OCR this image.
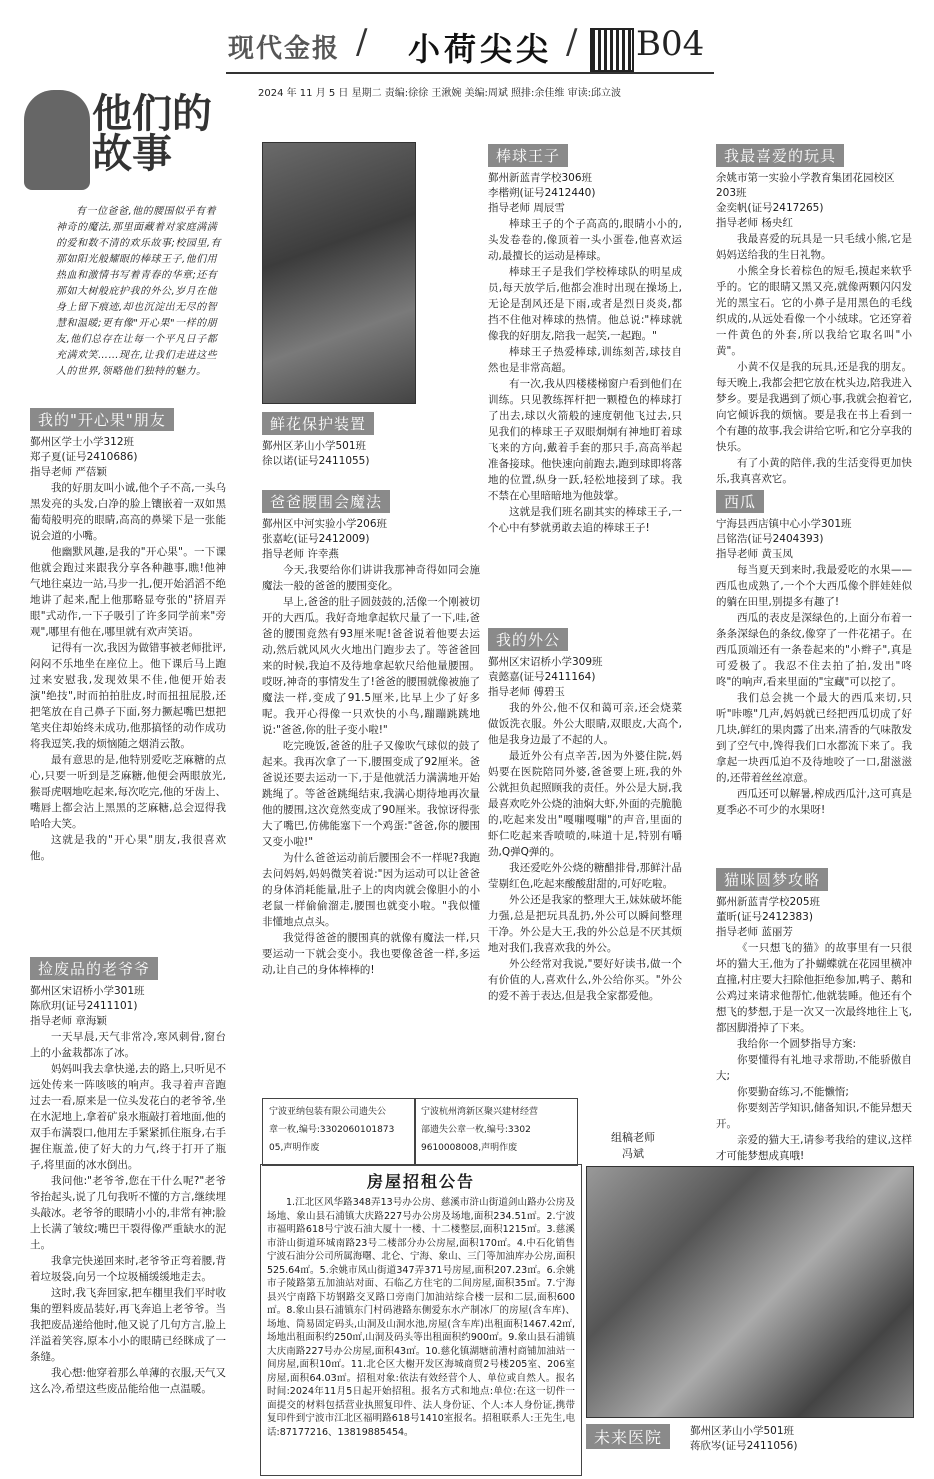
现代金报 / 小荷尖尖 / B04
2024 年 11 月 5 日 星期二 责编:徐徐 王湫婉 美编:周斌 照排:余佳维 审读:邱立波
他们的故事
有一位爸爸,他的腰围似乎有着神奇的魔法,那里面藏着对家庭满满的爱和数不清的欢乐故事;校园里,有那如阳光般耀眼的棒球王子,他们用热血和激情书写着青春的华章;还有那如大树般庇护我的外公,岁月在他身上留下痕迹,却也沉淀出无尽的智慧和温暖;更有像"开心果"一样的朋友,他们总存在让每一个平凡日子都充满欢笑……现在,让我们走进这些人的世界,领略他们独特的魅力。
我的"开心果"朋友
鄞州区学士小学312班
郑子夏(证号2410686)
指导老师 严蓓颖

我的好朋友叫小诚,他个子不高,一头乌黑发亮的头发,白净的脸上镶嵌着一双如黑葡萄般明亮的眼睛,高高的鼻梁下是一张能说会道的小嘴。

他幽默风趣,是我的"开心果"。一下课他就会跑过来跟我分享各种趣事,瞧!他神气地往桌边一站,马步一扎,便开始滔滔不绝地讲了起来,配上他那略显夸张的"挤眉弄眼"式动作,一下子吸引了许多同学前来"旁观",哪里有他在,哪里就有欢声笑语。

记得有一次,我因为做错事被老师批评,闷闷不乐地坐在座位上。他下课后马上跑过来安慰我,发现效果不佳,他便开始表演"绝技",时而拍拍肚皮,时而扭扭屁股,还把笔放在自己鼻子下面,努力撅起嘴巴想把笔夹住却始终未成功,他那搞怪的动作成功将我逗笑,我的烦恼随之烟消云散。

最有意思的是,他特别爱吃芝麻糖的点心,只要一听到是芝麻糖,他便会两眼放光,猴哥虎咽地吃起来,每次吃完,他的牙齿上、嘴唇上都会沾上黑黑的芝麻糖,总会逗得我哈哈大笑。

这就是我的"开心果"朋友,我很喜欢他。

捡废品的老爷爷
鄞州区宋诏桥小学301班
陈欣玥(证号2411101)
指导老师 章海颖

一天早晨,天气非常冷,寒风刺骨,窗台上的小盆栽都冻了冰。

妈妈叫我去拿快递,去的路上,只听见不远处传来一阵咳咳的响声。我寻着声音跑过去一看,原来是一位头发花白的老爷爷,坐在水泥地上,拿着矿泉水瓶敲打着地面,他的双手布满裂口,他用左手紧紧抓住瓶身,右手握住瓶盖,使了好大的力气,终于打开了瓶子,将里面的冰水倒出。

我问他:"老爷爷,您在干什么呢?"老爷爷抬起头,说了几句我听不懂的方言,继续埋头敲冰。老爷爷的眼睛小小的,非常有神;脸上长满了皱纹;嘴巴干裂得像严重缺水的泥土。

我拿完快递回来时,老爷爷正弯着腰,背着垃圾袋,向另一个垃圾桶缓缓地走去。

这时,我飞奔回家,把车棚里我们平时收集的塑料废品装好,再飞奔追上老爷爷。当我把废品递给他时,他又说了几句方言,脸上洋溢着笑容,原本小小的眼睛已经眯成了一条缝。

我心想:他穿着那么单薄的衣服,天气又这么冷,希望这些废品能给他一点温暖。

鲜花保护装置
鄞州区茅山小学501班
徐以诺(证号2411055)
爸爸腰围会魔法
鄞州区中河实验小学206班
张嘉屹(证号2412009)
指导老师 许幸燕

今天,我要给你们讲讲我那神奇得如同会施魔法一般的爸爸的腰围变化。

早上,爸爸的肚子圆鼓鼓的,活像一个刚被切开的大西瓜。我好奇地拿起软尺量了一下,哇,爸爸的腰围竟然有93厘米呢!爸爸说着他要去运动,然后就风风火火地出门跑步去了。等爸爸回来的时候,我迫不及待地拿起软尺给他量腰围。哎呀,神奇的事情发生了!爸爸的腰围就像被施了魔法一样,变成了91.5厘米,比早上少了好多呢。我开心得像一只欢快的小鸟,蹦蹦跳跳地说:"爸爸,你的肚子变小啦!"

吃完晚饭,爸爸的肚子又像吹气球似的鼓了起来。我再次拿了一下,腰围变成了92厘米。爸爸说还要去运动一下,于是他就活力满满地开始跳绳了。等爸爸跳绳结束,我满心期待地再次量他的腰围,这次竟然变成了90厘米。我惊讶得张大了嘴巴,仿佛能塞下一个鸡蛋:"爸爸,你的腰围又变小啦!"

为什么爸爸运动前后腰围会不一样呢?我跑去问妈妈,妈妈微笑着说:"因为运动可以让爸爸的身体消耗能量,肚子上的肉肉就会像胆小的小老鼠一样偷偷溜走,腰围也就变小啦。"我似懂非懂地点点头。

我觉得爸爸的腰围真的就像有魔法一样,只要运动一下就会变小。我也要像爸爸一样,多运动,让自己的身体棒棒的!

棒球王子
鄞州新蓝青学校306班
李楷朔(证号2412440)
指导老师 周辰雪

棒球王子的个子高高的,眼睛小小的,头发卷卷的,像顶着一头小蛋卷,他喜欢运动,最擅长的运动是棒球。

棒球王子是我们学校棒球队的明星成员,每天放学后,他都会准时出现在操场上,无论是刮风还是下雨,或者是烈日炎炎,都挡不住他对棒球的热情。他总说:"棒球就像我的好朋友,陪我一起笑,一起跑。"

棒球王子热爱棒球,训练刻苦,球技自然也是非常高超。

有一次,我从四楼楼梯窗户看到他们在训练。只见教练挥杆把一颗橙色的棒球打了出去,球以火箭般的速度朝他飞过去,只见我们的棒球王子双眼炯炯有神地盯着球飞来的方向,戴着手套的那只手,高高举起准备接球。他快速向前跑去,跑到球即将落地的位置,纵身一跃,轻松地接到了球。我不禁在心里暗暗地为他鼓掌。

这就是我们班名副其实的棒球王子,一个心中有梦就勇敢去追的棒球王子!

我的外公
鄞州区宋诏桥小学309班
袁懿嘉(证号2411164)
指导老师 傅碧玉

我的外公,他不仅和蔼可亲,还会烧菜做饭洗衣服。外公大眼睛,双眼皮,大高个,他是我身边最了不起的人。

最近外公有点辛苦,因为外婆住院,妈妈要在医院陪同外婆,爸爸要上班,我的外公就担负起照顾我的责任。外公是大厨,我最喜欢吃外公烧的油焖大虾,外面的壳脆脆的,吃起来发出"嘎嘣嘎嘣"的声音,里面的虾仁吃起来香喷喷的,味道十足,特别有嚼劲,Q弹Q弹的。

我还爱吃外公烧的糖醋排骨,那鲜汁晶莹剔红色,吃起来酸酸甜甜的,可好吃啦。

外公还是我家的整理大王,妹妹破坏能力强,总是把玩具乱扔,外公可以瞬间整理干净。外公是大王,我的外公总是不厌其烦地对我们,我喜欢我的外公。

外公经常对我说,"要好好读书,做一个有价值的人,喜欢什么,外公给你买。"外公的爱不善于表达,但是我全家都爱他。

我最喜爱的玩具
余姚市第一实验小学教育集团花园校区203班
金奕帆(证号2417265)
指导老师 杨央红

我最喜爱的玩具是一只毛绒小熊,它是妈妈送给我的生日礼物。

小熊全身长着棕色的短毛,摸起来软乎乎的。它的眼睛又黑又亮,就像两颗闪闪发光的黑宝石。它的小鼻子是用黑色的毛线织成的,从远处看像一个小绒球。它还穿着一件黄色的外套,所以我给它取名叫"小黄"。

小黄不仅是我的玩具,还是我的朋友。每天晚上,我都会把它放在枕头边,陪我进入梦乡。要是我遇到了烦心事,我就会抱着它,向它倾诉我的烦恼。要是我在书上看到一个有趣的故事,我会讲给它听,和它分享我的快乐。

有了小黄的陪伴,我的生活变得更加快乐,我真喜欢它。

西瓜
宁海县西店镇中心小学301班
吕铭浩(证号2404393)
指导老师 黄玉凤

每当夏天到来时,我最爱吃的水果——西瓜也成熟了,一个个大西瓜像个胖娃娃似的躺在田里,别提多有趣了!

西瓜的表皮是深绿色的,上面分布着一条条深绿色的条纹,像穿了一件花裙子。在西瓜顶端还有一条卷起来的"小辫子",真是可爱极了。我忍不住去拍了拍,发出"咚咚"的响声,看来里面的"宝藏"可以挖了。

我们总会挑一个最大的西瓜来切,只听"咔嚓"几声,妈妈就已经把西瓜切成了好几块,鲜红的果肉露了出来,清香的气味散发到了空气中,馋得我们口水都流下来了。我拿起一块西瓜迫不及待地咬了一口,甜滋滋的,还带着丝丝凉意。

西瓜还可以解暑,榨成西瓜汁,这可真是夏季必不可少的水果呀!

猫咪圆梦攻略
鄞州新蓝青学校205班
董昕(证号2412383)
指导老师 蓝丽芳

《一只想飞的猫》的故事里有一只很坏的猫大王,他为了扑蝴蝶就在花园里横冲直撞,村庄要大扫除他拒绝参加,鸭子、鹅和公鸡过来请求他帮忙,他就装睡。他还有个想飞的梦想,于是一次又一次最终地往上飞,都因脚滑掉了下来。

我给你一个圆梦指导方案:

你要懂得有礼地寻求帮助,不能骄傲自大;

你要勤奋练习,不能懒惰;

你要刻苦学知识,储备知识,不能异想天开。

亲爱的猫大王,请参考我给的建议,这样才可能梦想成真哦!

宁波亚纳包装有限公司遗失公
章一枚,编号:3302060101873
05,声明作废
宁波杭州湾新区聚兴建材经营
部遗失公章一枚,编号:3302
9610008008,声明作废
组稿老师
冯斌
房屋招租公告
1.江北区风华路348弄13号办公房、慈溪市浒山街道剑山路办公房及场地、象山县石浦镇大庆路227号办公房及场地,面积234.51㎡。2.宁波市福明路618号宁波石油大厦十一楼、十二楼整层,面积1215㎡。3.慈溪市浒山街道环城南路23号二楼部分办公房屋,面积170㎡。4.中石化销售宁波石油分公司所属海曙、北仑、宁海、象山、三门等加油库办公房,面积525.64㎡。5.余姚市凤山街道347弄371号房屋,面积207.23㎡。6.余姚市子陵路第五加油站对面、石临乙方住宅的二间房屋,面积35㎡。7.宁海县兴宁南路下坊钢路交叉路口旁南门加油站综合楼一层和二层,面积600㎡。8.象山县石浦镇东门村码港路东侧爱东水产制冰厂的房屋(含车库)、场地、筒易固定码头,山洞及山洞水池,房屋(含车库)出租面积1467.42㎡,场地出租面积约250㎡,山洞及码头等出租面积约900㎡。9.象山县石浦镇大庆南路227号办公房屋,面积43㎡。10.慈化镇湖塘前漕村商铺加油站一间房屋,面积10㎡。11.北仑区大榭开发区海城商贸2号楼205室、206室房屋,面积64.03㎡。招租对象:依法有效经营个人、单位或自然人。报名时间:2024年11月5日起开始招租。报名方式和地点:单位:在这一切件一面提交的材料包括营业执照复印件、法人身份证、个人:本人身份证,携带复印件到宁波市江北区福明路618号1410室报名。招租联系人:王先生,电话:87177216、13819885454。	未来医院	鄞州区茅山小学501班
蒋欣岑(证号2411056)
